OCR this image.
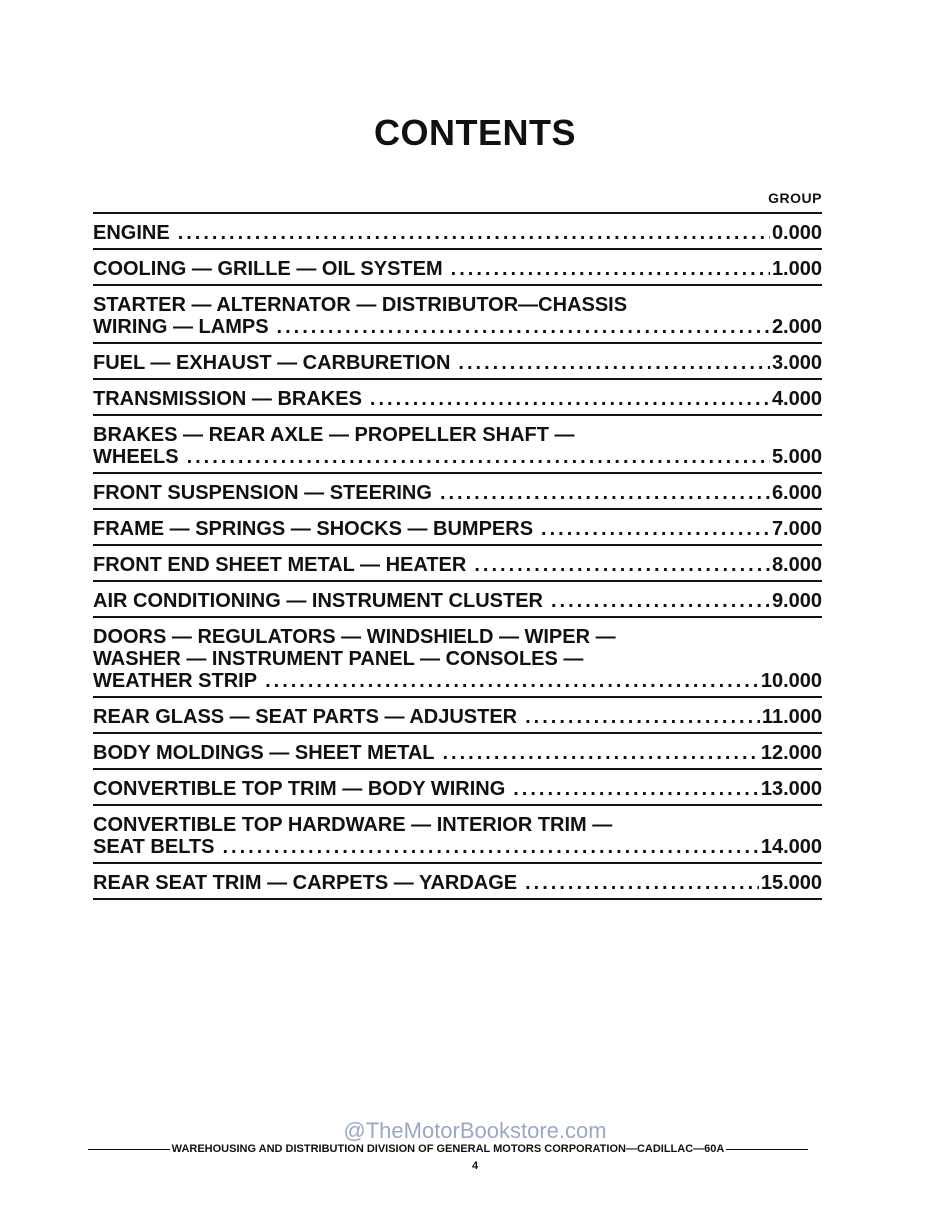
CONTENTS
GROUP
ENGINE .....	0.000
COOLING — GRILLE — OIL SYSTEM .....	1.000
STARTER — ALTERNATOR — DISTRIBUTOR—CHASSIS
WIRING — LAMPS .....	2.000
FUEL — EXHAUST — CARBURETION .....	3.000
TRANSMISSION — BRAKES .....	4.000
BRAKES — REAR AXLE — PROPELLER SHAFT —
WHEELS .....	5.000
FRONT SUSPENSION — STEERING .....	6.000
FRAME — SPRINGS — SHOCKS — BUMPERS .....	7.000
FRONT END SHEET METAL — HEATER .....	8.000
AIR CONDITIONING — INSTRUMENT CLUSTER .....	9.000
DOORS — REGULATORS — WINDSHIELD — WIPER —
WASHER — INSTRUMENT PANEL — CONSOLES —
WEATHER STRIP .....	10.000
REAR GLASS — SEAT PARTS — ADJUSTER .....	11.000
BODY MOLDINGS — SHEET METAL .....	12.000
CONVERTIBLE TOP TRIM — BODY WIRING .....	13.000
CONVERTIBLE TOP HARDWARE — INTERIOR TRIM —
SEAT BELTS .....	14.000
REAR SEAT TRIM — CARPETS — YARDAGE .....	15.000
@TheMotorBookstore.com
WAREHOUSING AND DISTRIBUTION DIVISION OF GENERAL MOTORS CORPORATION—CADILLAC—60A
4
